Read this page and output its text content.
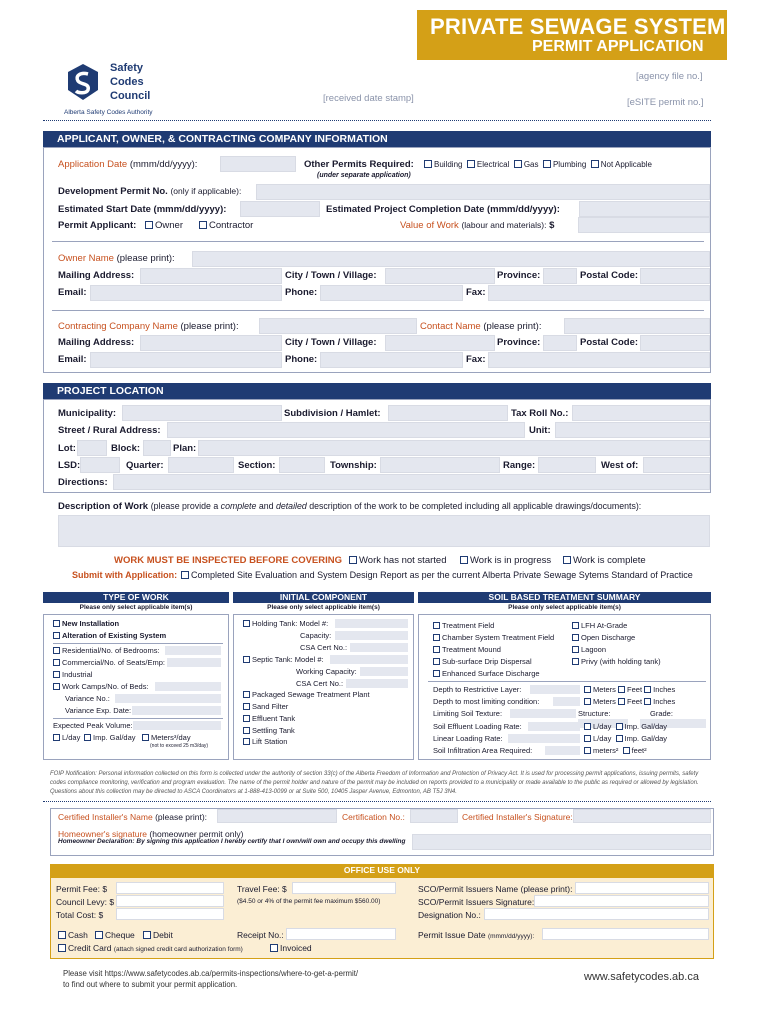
PRIVATE SEWAGE SYSTEM
PERMIT APPLICATION
Safety
Codes
Council
Alberta Safety Codes Authority
[received date stamp]
[agency file no.]
[eSITE permit no.]
APPLICANT, OWNER, & CONTRACTING COMPANY INFORMATION
Application Date (mmm/dd/yyyy):	Other Permits Required:	Building Electrical Gas Plumbing Not Applicable
(under separate application)
Development Permit No. (only if applicable):
Estimated Start Date (mmm/dd/yyyy):	Estimated Project Completion Date (mmm/dd/yyyy):
Permit Applicant:	Owner	Contractor	Value of Work (labour and materials): $
Owner Name (please print):
Mailing Address:	City / Town / Village:	Province:	Postal Code:
Email:	Phone:	Fax:
Contracting Company Name (please print):	Contact Name (please print):
Mailing Address:	City / Town / Village:	Province:	Postal Code:
Email:	Phone:	Fax:
PROJECT LOCATION
Municipality:	Subdivision / Hamlet:	Tax Roll No.:
Street / Rural Address:	Unit:
Lot:	Block:	Plan:
LSD:	Quarter:	Section:	Township:	Range:	West of:
Directions:
Description of Work (please provide a complete and detailed description of the work to be completed including all applicable drawings/documents):
WORK MUST BE INSPECTED BEFORE COVERING	Work has not started	Work is in progress	Work is complete
Submit with Application:	Completed Site Evaluation and System Design Report as per the current Alberta Private Sewage Sytems Standard of Practice
TYPE OF WORK	INITIAL COMPONENT	SOIL BASED TREATMENT SUMMARY
Please only select applicable item(s)	Please only select applicable item(s)	Please only select applicable item(s)
New Installation
Alteration of Existing System
Residential/No. of Bedrooms:
Commercial/No. of Seats/Emp:
Industrial
Work Camps/No. of Beds:
Variance No.:
Variance Exp. Date:
Expected Peak Volume:
L/day	Imp. Gal/day	Meters³/day
(not to exceed 25 m3/day)
Holding Tank: Model #:
Capacity:
CSA Cert No.:
Septic Tank: Model #:
Working Capacity:
CSA Cert No.:
Packaged Sewage Treatment Plant
Sand Filter
Effluent Tank
Settling Tank
Lift Station
Treatment Field
Chamber System Treatment Field
Treatment Mound
Sub-surface Drip Dispersal
Enhanced Surface Discharge
LFH At-Grade
Open Discharge
Lagoon
Privy (with holding tank)
Depth to Restrictive Layer:	Meters Feet Inches
Depth to most limiting condition:	Meters Feet Inches
Limiting Soil Texture:	Structure:	Grade:
Soil Effluent Loading Rate:	L/day Imp. Gal/day
Linear Loading Rate:	L/day Imp. Gal/day
Soil Infiltration Area Required:	meters² feet²
FOIP Notification: Personal information collected on this form is collected under the authority of section 33(c) of the Alberta Freedom of Information and Protection of Privacy Act. It is used for processing permit applications, issuing permits, safety codes compliance monitoring, verification and program evaluation. The name of the permit holder and nature of the permit may be included on reports provided to a municipality or made available to the public as required or allowed by legislation. Questions about this collection may be directed to ASCA Coordinators at 1-888-413-0099 or at Suite 500, 10405 Jasper Avenue, Edmonton, AB T5J 3N4.
Certified Installer's Name (please print):	Certification No.:	Certified Installer's Signature:
Homeowner's signature (homeowner permit only)
Homeowner Declaration: By signing this application I hereby certify that I own/will own and occupy this dwelling
OFFICE USE ONLY
Permit Fee: $
Council Levy: $
Total Cost: $
Travel Fee: $
($4.50 or 4% of the permit fee maximum $560.00)
SCO/Permit Issuers Name (please print):
SCO/Permit Issuers Signature:
Designation No.:
Cash	Cheque	Debit
Credit Card (attach signed credit card authorization form)
Receipt No.:
Invoiced
Permit Issue Date (mmm/dd/yyyy):
Please visit https://www.safetycodes.ab.ca/permits-inspections/where-to-get-a-permit/
to find out where to submit your permit application.
www.safetycodes.ab.ca
